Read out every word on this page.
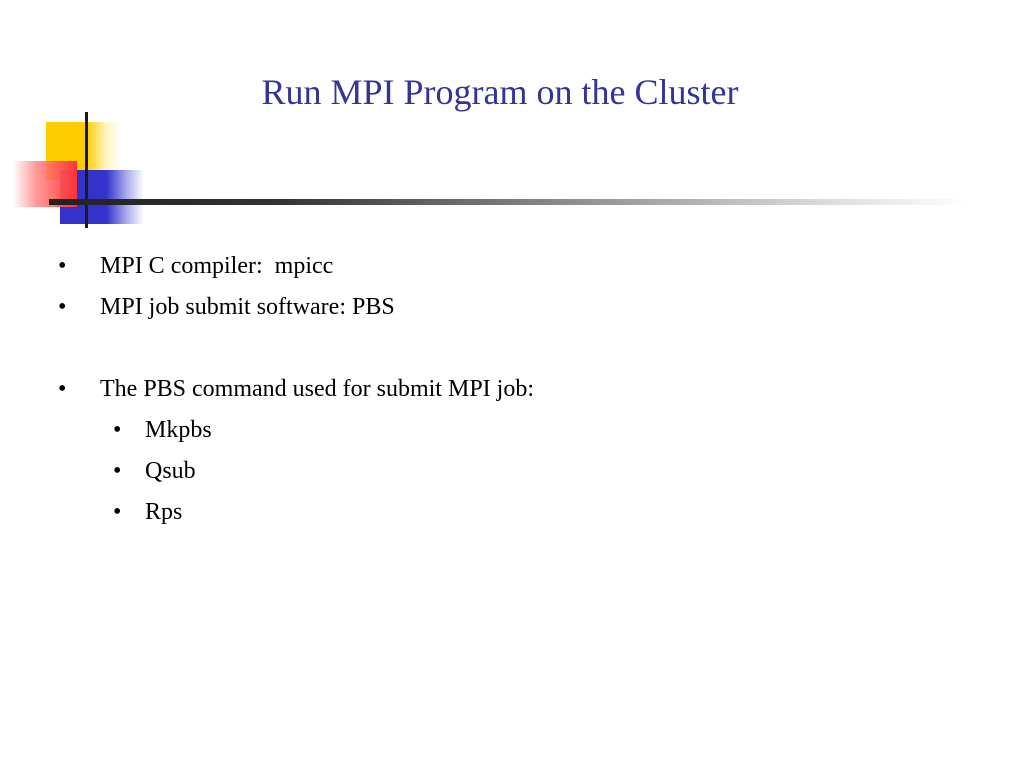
Run MPI Program on the Cluster
•	MPI C compiler:  mpicc
•	MPI job submit software: PBS
•	The PBS command used for submit MPI job:
• Mkpbs
• Qsub
• Rps
